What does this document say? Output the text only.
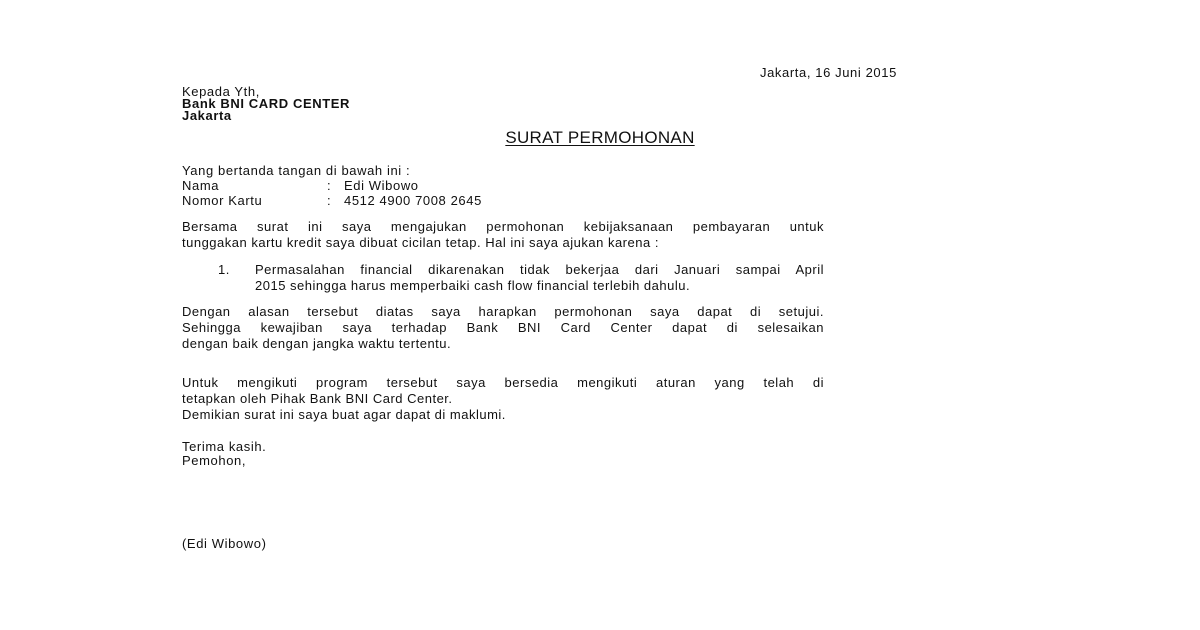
Jakarta, 16 Juni 2015
Kepada Yth,
Bank BNI CARD CENTER
Jakarta
SURAT PERMOHONAN
Yang bertanda tangan di bawah ini :
Nama	: Edi Wibowo
Nomor Kartu	: 4512 4900 7008 2645
Bersama surat ini saya mengajukan permohonan kebijaksanaan pembayaran untuk
tunggakan kartu kredit saya dibuat cicilan tetap. Hal ini saya ajukan karena :
1. Permasalahan financial dikarenakan tidak bekerjaa dari Januari sampai April
2015 sehingga harus memperbaiki cash flow financial terlebih dahulu.
Dengan alasan tersebut diatas saya harapkan permohonan saya dapat di setujui.
Sehingga kewajiban saya terhadap Bank BNI Card Center dapat di selesaikan
dengan baik dengan jangka waktu tertentu.
Untuk mengikuti program tersebut saya bersedia mengikuti aturan yang telah di
tetapkan oleh Pihak Bank BNI Card Center.
Demikian surat ini saya buat agar dapat di maklumi.
Terima kasih.
Pemohon,
(Edi Wibowo)
